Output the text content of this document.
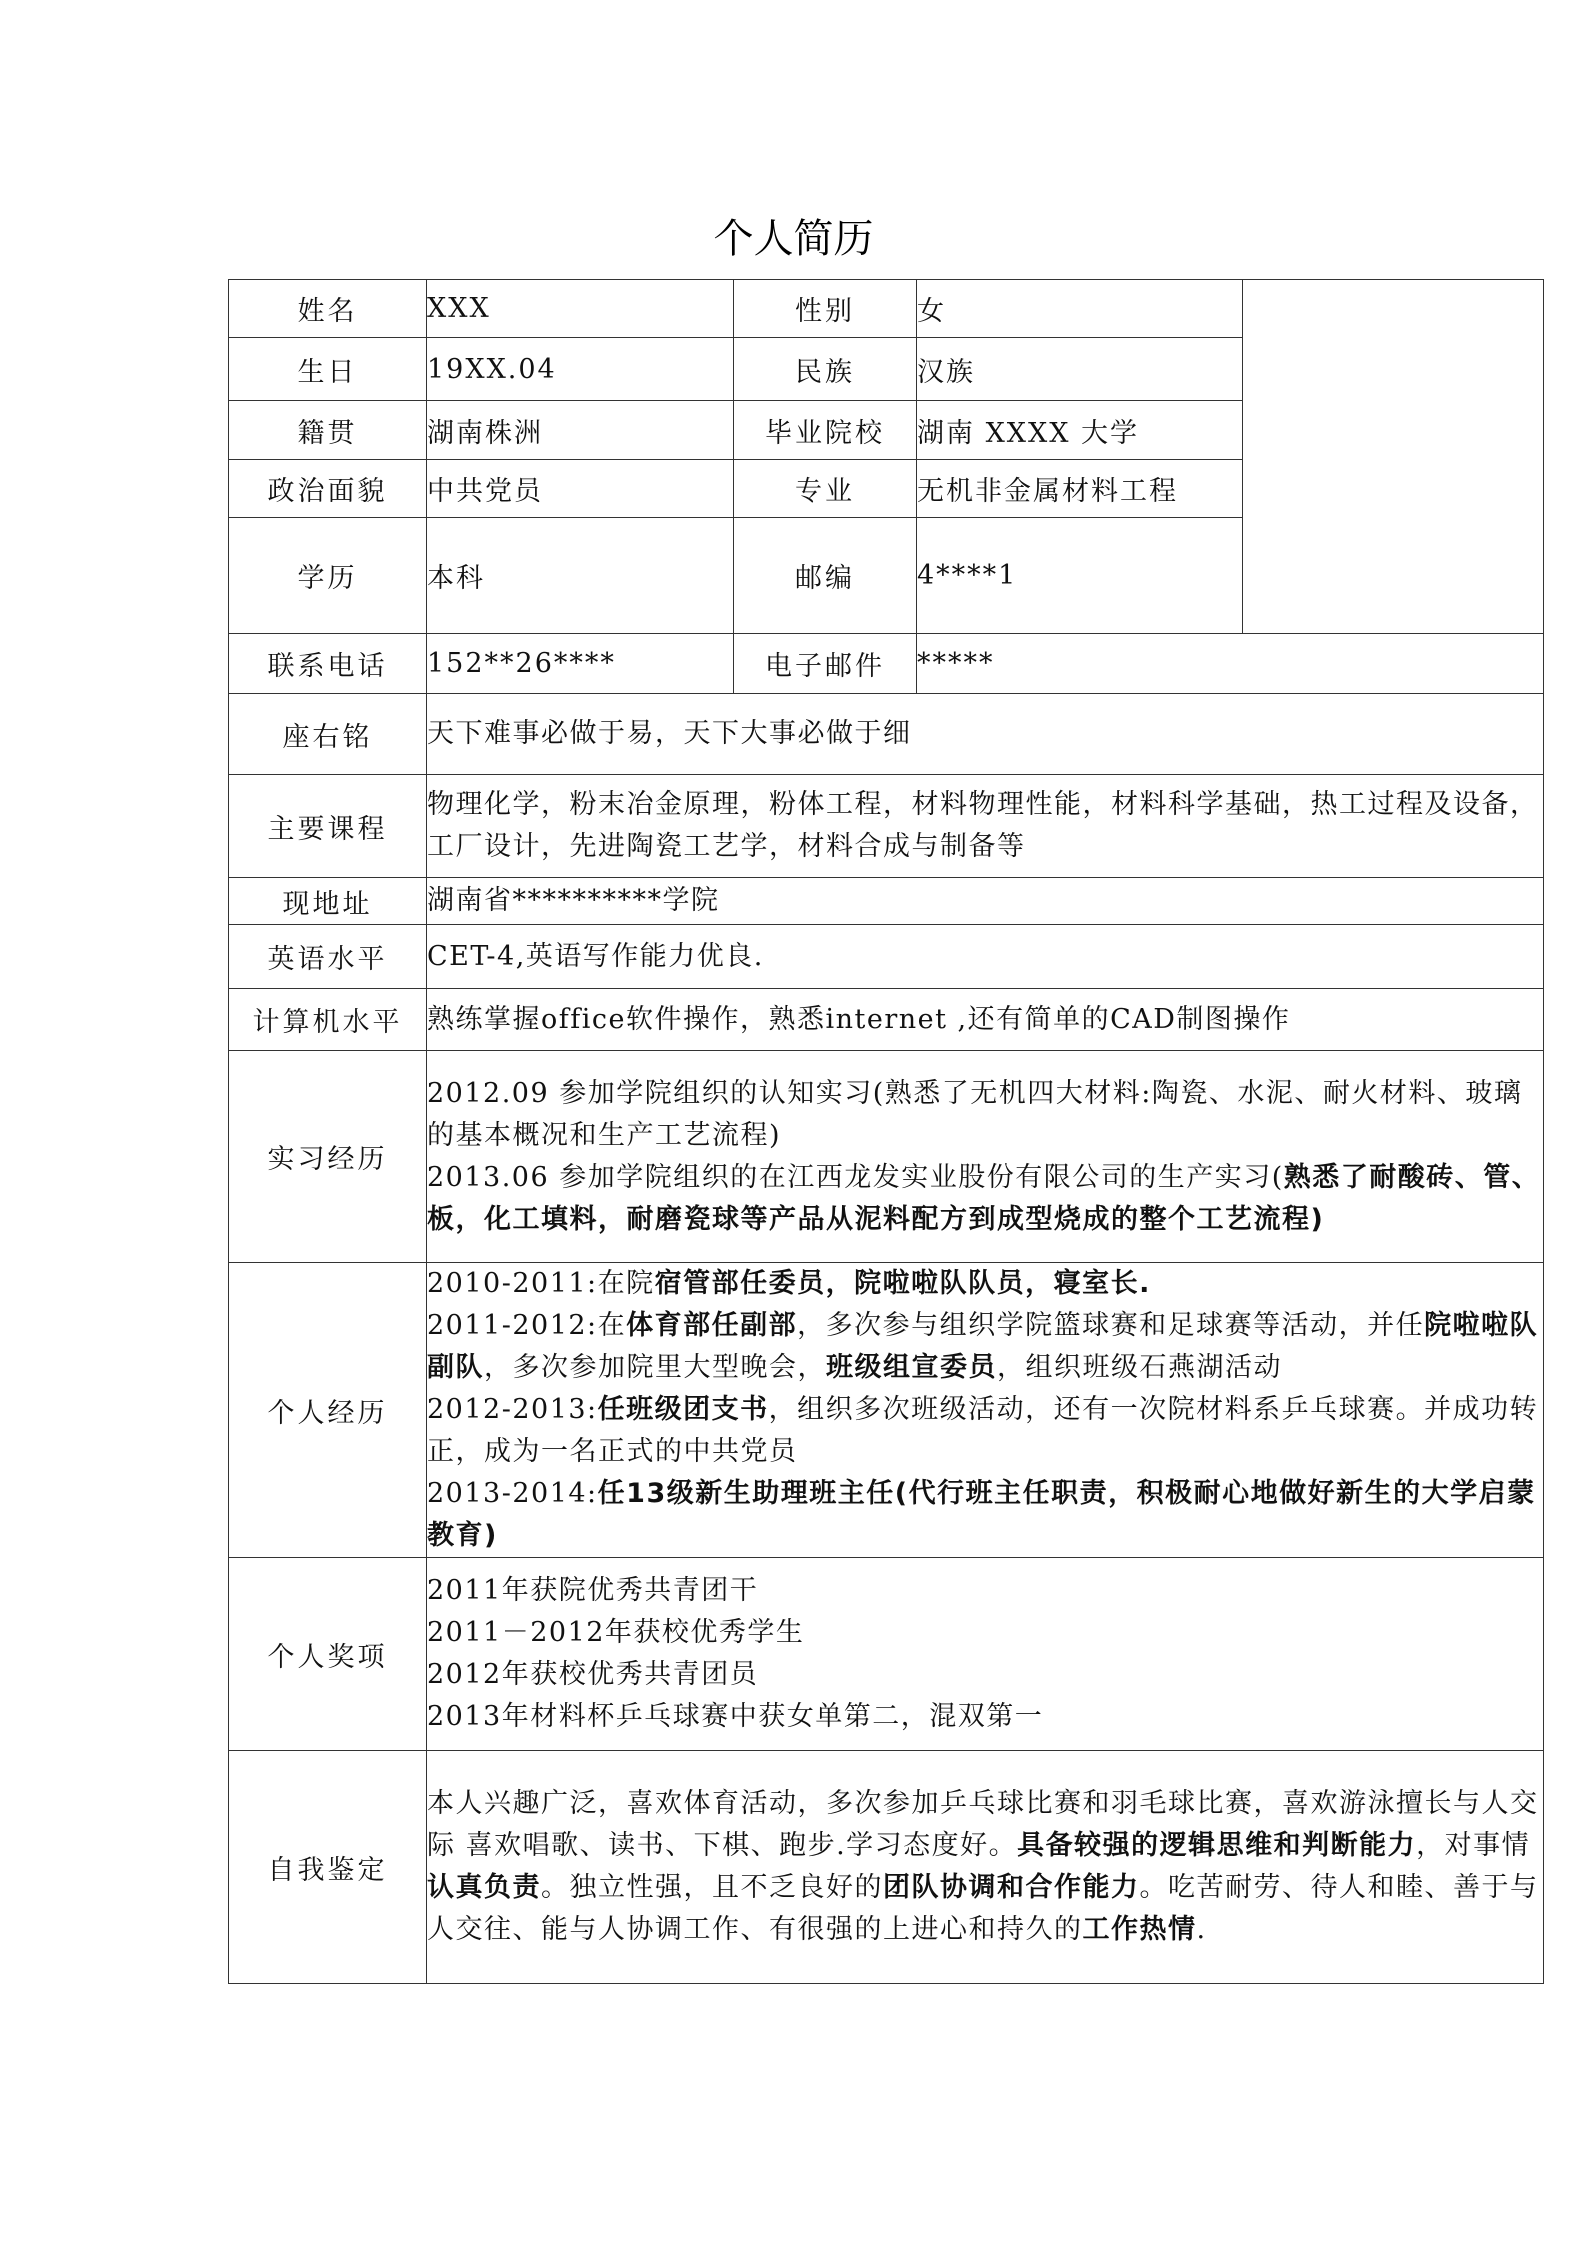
个人简历
姓名	XXX	性别	女	
生日	19XX.04	民族	汉族	
籍贯	湖南株洲	毕业院校	湖南 XXXX 大学	
政治面貌	中共党员	专业	无机非金属材料工程	
学历	本科	邮编	4****1	
联系电话	152**26****	电子邮件	*****	
座右铭	天下难事必做于易，天下大事必做于细			
主要课程	物理化学，粉末冶金原理，粉体工程，材料物理性能，材料科学基础，热工过程及设备，工厂设计，先进陶瓷工艺学，材料合成与制备等			
现地址	湖南省**********学院			
英语水平	CET-4,英语写作能力优良.			
计算机水平	熟练掌握office软件操作，熟悉internet ,还有简单的CAD制图操作			
实习经历	2012.09 参加学院组织的认知实习(熟悉了无机四大材料:陶瓷、水泥、耐火材料、玻璃的基本概况和生产工艺流程)

2013.06 参加学院组织的在江西龙发实业股份有限公司的生产实习(熟悉了耐酸砖、管、板，化工填料，耐磨瓷球等产品从泥料配方到成型烧成的整个工艺流程)			

个人经历	2010-2011:在院宿管部任委员，院啦啦队队员，寝室长.

2011-2012:在体育部任副部，多次参与组织学院篮球赛和足球赛等活动，并任院啦啦队副队，多次参加院里大型晚会，班级组宣委员，组织班级石燕湖活动

2012-2013:任班级团支书，组织多次班级活动，还有一次院材料系乒乓球赛。并成功转正，成为一名正式的中共党员

2013-2014:任13级新生助理班主任(代行班主任职责，积极耐心地做好新生的大学启蒙教育)			

个人奖项	2011年获院优秀共青团干

2011－2012年获校优秀学生

2012年获校优秀共青团员

2013年材料杯乒乓球赛中获女单第二，混双第一			

自我鉴定	本人兴趣广泛，喜欢体育活动，多次参加乒乓球比赛和羽毛球比赛，喜欢游泳擅长与人交际 喜欢唱歌、读书、下棋、跑步.学习态度好。具备较强的逻辑思维和判断能力，对事情认真负责。独立性强，且不乏良好的团队协调和合作能力。吃苦耐劳、待人和睦、善于与人交往、能与人协调工作、有很强的上进心和持久的工作热情.			
